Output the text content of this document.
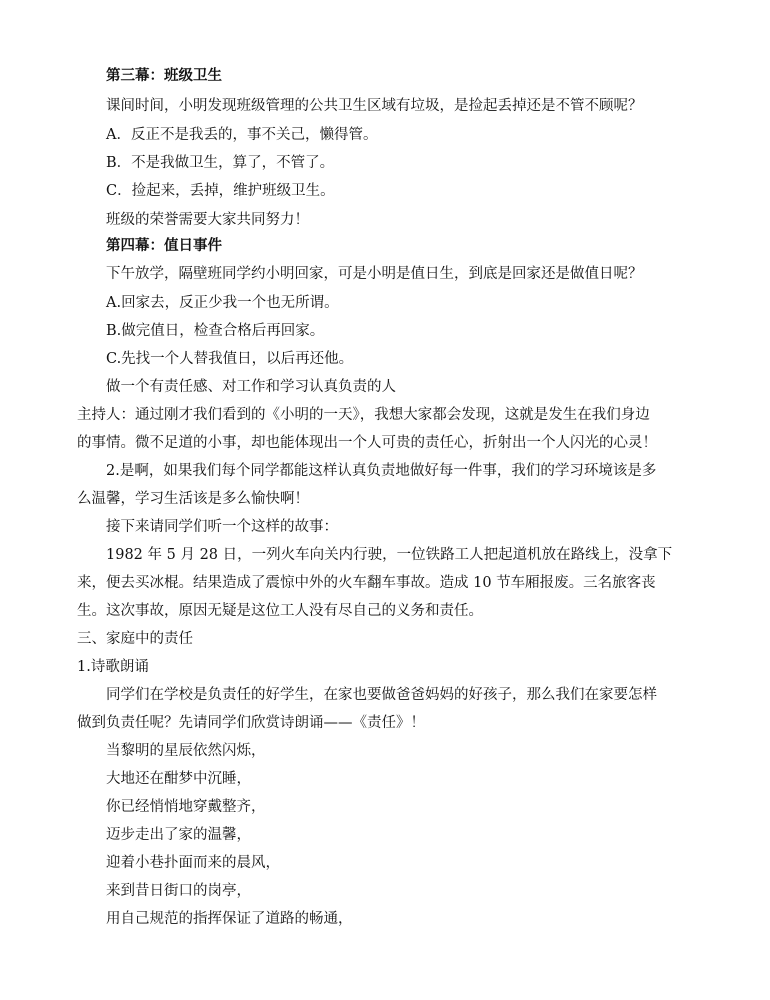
第三幕：班级卫生
课间时间，小明发现班级管理的公共卫生区域有垃圾，是捡起丢掉还是不管不顾呢？
A．反正不是我丢的，事不关己，懒得管。
B．不是我做卫生，算了，不管了。
C．捡起来，丢掉，维护班级卫生。
班级的荣誉需要大家共同努力！
第四幕：值日事件
下午放学，隔壁班同学约小明回家，可是小明是值日生，到底是回家还是做值日呢？
A.回家去，反正少我一个也无所谓。
B.做完值日，检查合格后再回家。
C.先找一个人替我值日，以后再还他。
做一个有责任感、对工作和学习认真负责的人
主持人：通过刚才我们看到的《小明的一天》，我想大家都会发现，这就是发生在我们身边
的事情。微不足道的小事，却也能体现出一个人可贵的责任心，折射出一个人闪光的心灵！
2.是啊，如果我们每个同学都能这样认真负责地做好每一件事，我们的学习环境该是多
么温馨，学习生活该是多么愉快啊！
接下来请同学们听一个这样的故事：
1982 年 5 月 28 日，一列火车向关内行驶，一位铁路工人把起道机放在路线上，没拿下
来，便去买冰棍。结果造成了震惊中外的火车翻车事故。造成 10 节车厢报废。三名旅客丧
生。这次事故，原因无疑是这位工人没有尽自己的义务和责任。
三、家庭中的责任
1.诗歌朗诵
同学们在学校是负责任的好学生，在家也要做爸爸妈妈的好孩子，那么我们在家要怎样
做到负责任呢？先请同学们欣赏诗朗诵——《责任》！
当黎明的星辰依然闪烁，
大地还在酣梦中沉睡，
你已经悄悄地穿戴整齐，
迈步走出了家的温馨，
迎着小巷扑面而来的晨风，
来到昔日街口的岗亭，
用自己规范的指挥保证了道路的畅通，
